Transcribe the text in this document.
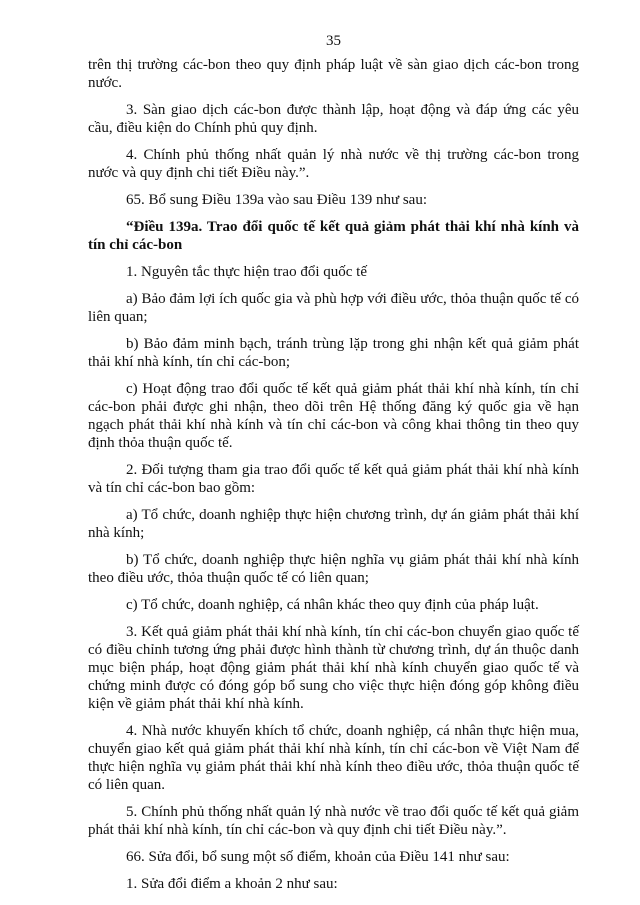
35

trên thị trường các-bon theo quy định pháp luật về sàn giao dịch các-bon trong nước.

3. Sàn giao dịch các-bon được thành lập, hoạt động và đáp ứng các yêu cầu, điều kiện do Chính phủ quy định.

4. Chính phủ thống nhất quản lý nhà nước về thị trường các-bon trong nước và quy định chi tiết Điều này.”.

65. Bổ sung Điều 139a vào sau Điều 139 như sau:

“Điều 139a. Trao đổi quốc tế kết quả giảm phát thải khí nhà kính và tín chỉ các-bon

1. Nguyên tắc thực hiện trao đổi quốc tế

a) Bảo đảm lợi ích quốc gia và phù hợp với điều ước, thỏa thuận quốc tế có liên quan;

b) Bảo đảm minh bạch, tránh trùng lặp trong ghi nhận kết quả giảm phát thải khí nhà kính, tín chỉ các-bon;

c) Hoạt động trao đổi quốc tế kết quả giảm phát thải khí nhà kính, tín chỉ các-bon phải được ghi nhận, theo dõi trên Hệ thống đăng ký quốc gia về hạn ngạch phát thải khí nhà kính và tín chỉ các-bon và công khai thông tin theo quy định thỏa thuận quốc tế.

2. Đối tượng tham gia trao đổi quốc tế kết quả giảm phát thải khí nhà kính và tín chỉ các-bon bao gồm:

a) Tổ chức, doanh nghiệp thực hiện chương trình, dự án giảm phát thải khí nhà kính;

b) Tổ chức, doanh nghiệp thực hiện nghĩa vụ giảm phát thải khí nhà kính theo điều ước, thỏa thuận quốc tế có liên quan;

c) Tổ chức, doanh nghiệp, cá nhân khác theo quy định của pháp luật.

3. Kết quả giảm phát thải khí nhà kính, tín chỉ các-bon chuyển giao quốc tế có điều chỉnh tương ứng phải được hình thành từ chương trình, dự án thuộc danh mục biện pháp, hoạt động giảm phát thải khí nhà kính chuyển giao quốc tế và chứng minh được có đóng góp bổ sung cho việc thực hiện đóng góp không điều kiện về giảm phát thải khí nhà kính.

4. Nhà nước khuyến khích tổ chức, doanh nghiệp, cá nhân thực hiện mua, chuyển giao kết quả giảm phát thải khí nhà kính, tín chỉ các-bon về Việt Nam để thực hiện nghĩa vụ giảm phát thải khí nhà kính theo điều ước, thỏa thuận quốc tế có liên quan.

5. Chính phủ thống nhất quản lý nhà nước về trao đổi quốc tế kết quả giảm phát thải khí nhà kính, tín chỉ các-bon và quy định chi tiết Điều này.”.

66. Sửa đổi, bổ sung một số điểm, khoản của Điều 141 như sau:

1. Sửa đổi điểm a khoản 2 như sau:
